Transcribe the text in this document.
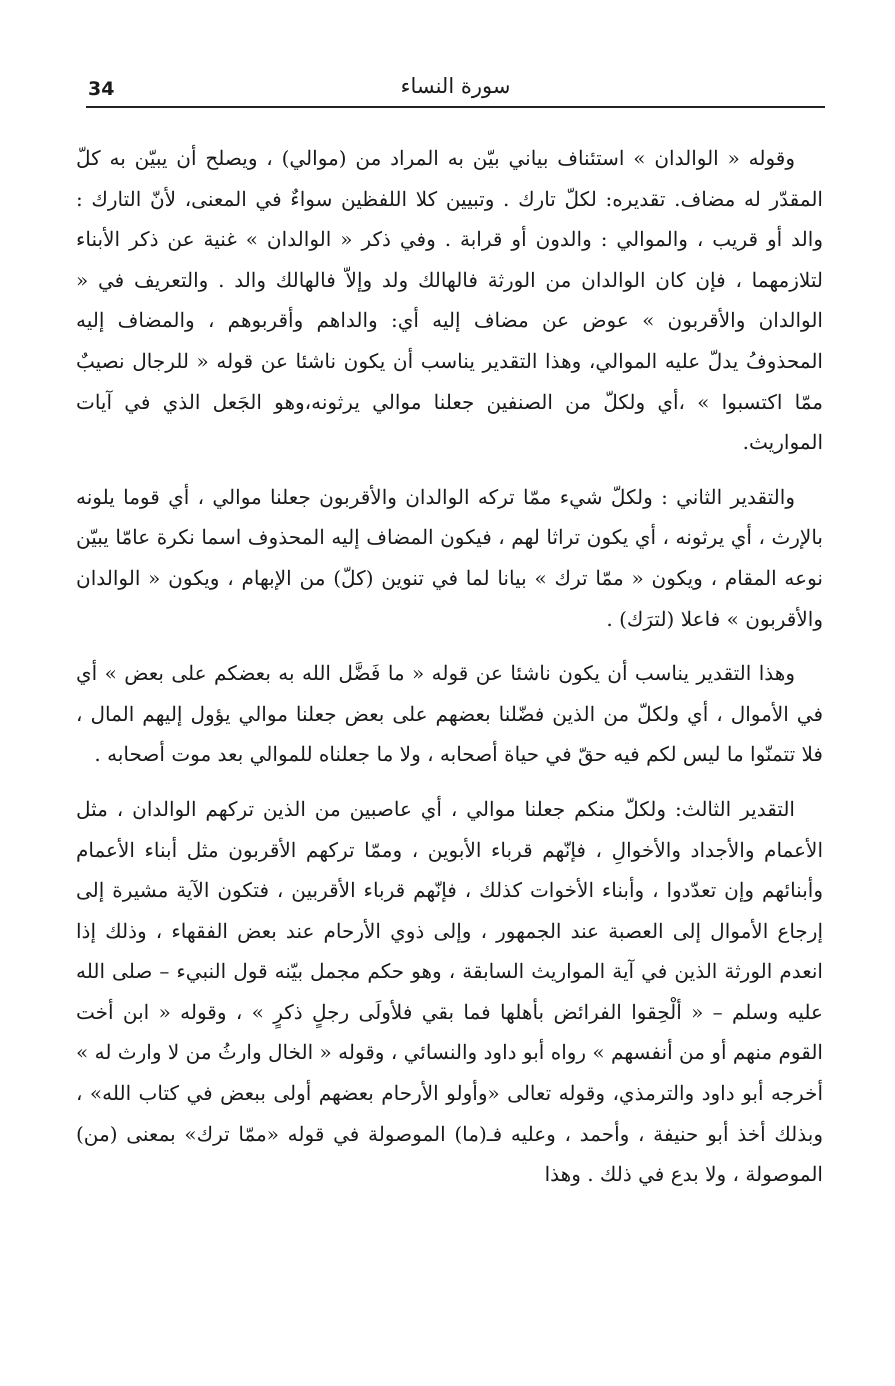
34	سورة النساء

وقوله « الوالدان » استئناف بياني بيّن به المراد من (موالي) ، ويصلح أن يبيّن به كلّ المقدّر له مضاف. تقديره: لكلّ تارك . وتبيين كلا اللفظين سواءٌ في المعنى، لأنّ التارك : والد أو قريب ، والموالي : والدون أو قرابة . وفي ذكر « الوالدان » غنية عن ذكر الأبناء لتلازمهما ، فإن كان الوالدان من الورثة فالهالك ولد وإلاّ فالهالك والد . والتعريف في « الوالدان والأقربون » عوض عن مضاف إليه أي: والداهم وأقربوهم ، والمضاف إليه المحذوفُ يدلّ عليه الموالي، وهذا التقدير يناسب أن يكون ناشئا عن قوله « للرجال نصيبٌ ممّا اكتسبوا » ،أي ولكلّ من الصنفين جعلنا موالي يرثونه،وهو الجَعل الذي في آيات المواريث.

والتقدير الثاني : ولكلّ شيء ممّا تركه الوالدان والأقربون جعلنا موالي ، أي قوما يلونه بالإرث ، أي يرثونه ، أي يكون تراثا لهم ، فيكون المضاف إليه المحذوف اسما نكرة عامّا يبيّن نوعه المقام ، ويكون « ممّا ترك » بيانا لما في تنوين (كلّ) من الإبهام ، ويكون « الوالدان والأقربون » فاعلا (لترَك) .

وهذا التقدير يناسب أن يكون ناشئا عن قوله « ما فَضَّل الله به بعضكم على بعض » أي في الأموال ، أي ولكلّ من الذين فضّلنا بعضهم على بعض جعلنا موالي يؤول إليهم المال ، فلا تتمنّوا ما ليس لكم فيه حقّ في حياة أصحابه ، ولا ما جعلناه للموالي بعد موت أصحابه .

التقدير الثالث: ولكلّ منكم جعلنا موالي ، أي عاصبين من الذين تركهم الوالدان ، مثل الأعمام والأجداد والأخوالِ ، فإنّهم قرباء الأبوين ، وممّا تركهم الأقربون مثل أبناء الأعمام وأبنائهم وإن تعدّدوا ، وأبناء الأخوات كذلك ، فإنّهم قرباء الأقربين ، فتكون الآية مشيرة إلى إرجاع الأموال إلى العصبة عند الجمهور ، وإلى ذوي الأرحام عند بعض الفقهاء ، وذلك إذا انعدم الورثة الذين في آية المواريث السابقة ، وهو حكم مجمل بيّنه قول النبيء – صلى الله عليه وسلم – « ألْحِقوا الفرائض بأهلها فما بقي فلأولَى رجلٍ ذكرٍ » ، وقوله « ابن أخت القوم منهم أو من أنفسهم » رواه أبو داود والنسائي ، وقوله « الخال وارثُ من لا وارث له » أخرجه أبو داود والترمذي، وقوله تعالى «وأولو الأرحام بعضهم أولى ببعض في كتاب الله» ، وبذلك أخذ أبو حنيفة ، وأحمد ، وعليه فـ(ما) الموصولة في قوله «ممّا ترك» بمعنى (من) الموصولة ، ولا بدع في ذلك . وهذا
